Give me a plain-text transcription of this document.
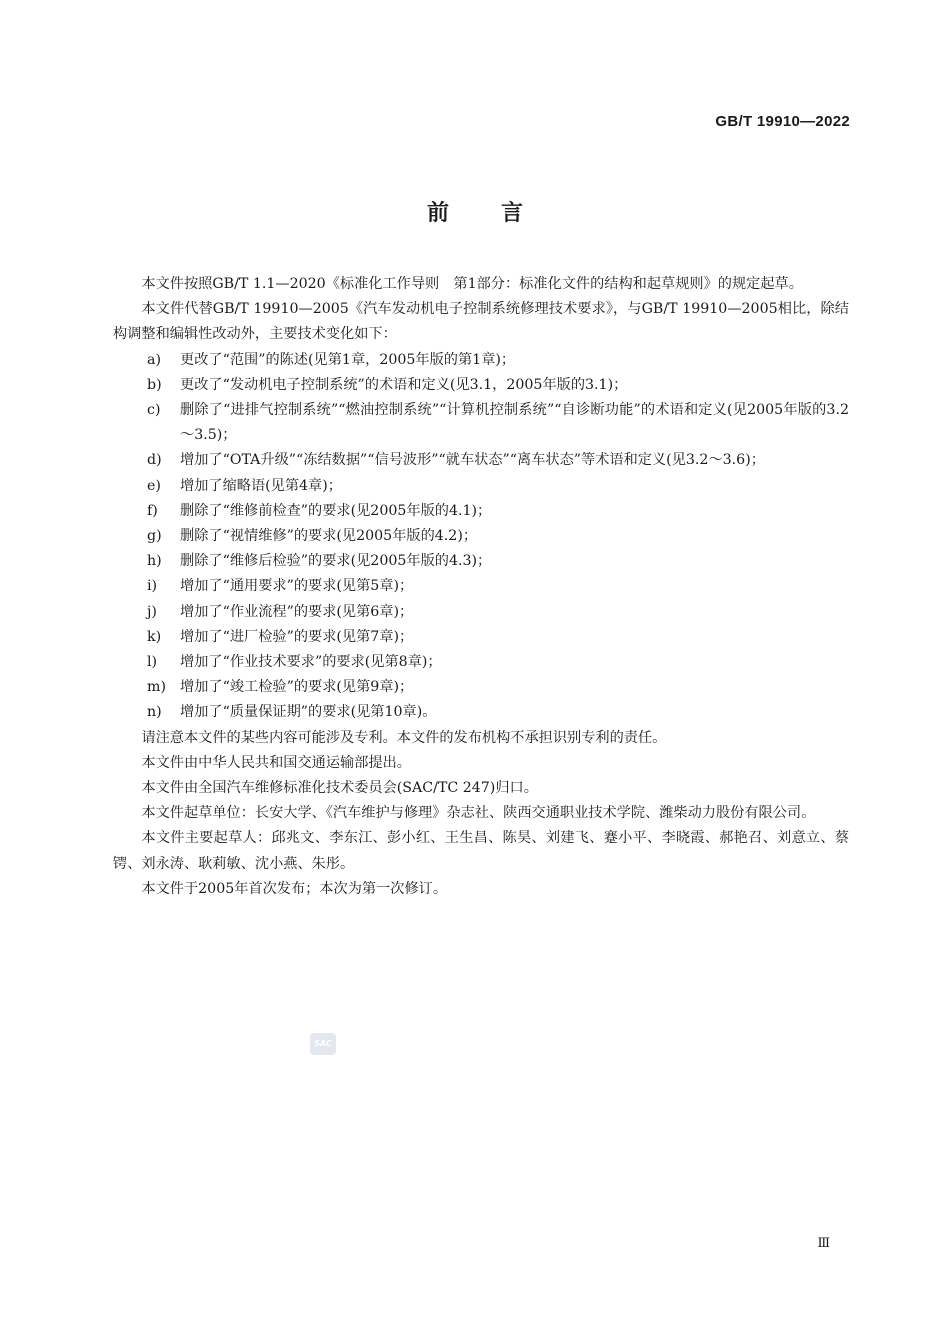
GB/T 19910—2022
前言

本文件按照GB/T 1.1—2020《标准化工作导则　第1部分：标准化文件的结构和起草规则》的规定起草。

本文件代替GB/T 19910—2005《汽车发动机电子控制系统修理技术要求》，与GB/T 19910—2005相比，除结构调整和编辑性改动外，主要技术变化如下：

a) 更改了“范围”的陈述(见第1章，2005年版的第1章)；
b) 更改了“发动机电子控制系统”的术语和定义(见3.1，2005年版的3.1)；
c) 删除了“进排气控制系统”“燃油控制系统”“计算机控制系统”“自诊断功能”的术语和定义(见2005年版的3.2～3.5)；
d) 增加了“OTA升级”“冻结数据”“信号波形”“就车状态”“离车状态”等术语和定义(见3.2～3.6)；
e) 增加了缩略语(见第4章)；
f) 删除了“维修前检查”的要求(见2005年版的4.1)；
g) 删除了“视情维修”的要求(见2005年版的4.2)；
h) 删除了“维修后检验”的要求(见2005年版的4.3)；
i) 增加了“通用要求”的要求(见第5章)；
j) 增加了“作业流程”的要求(见第6章)；
k) 增加了“进厂检验”的要求(见第7章)；
l) 增加了“作业技术要求”的要求(见第8章)；
m) 增加了“竣工检验”的要求(见第9章)；
n) 增加了“质量保证期”的要求(见第10章)。

请注意本文件的某些内容可能涉及专利。本文件的发布机构不承担识别专利的责任。

本文件由中华人民共和国交通运输部提出。

本文件由全国汽车维修标准化技术委员会(SAC/TC 247)归口。

本文件起草单位：长安大学、《汽车维护与修理》杂志社、陕西交通职业技术学院、潍柴动力股份有限公司。

本文件主要起草人：邱兆文、李东江、彭小红、王生昌、陈昊、刘建飞、蹇小平、李晓霞、郝艳召、刘意立、蔡锷、刘永涛、耿莉敏、沈小燕、朱彤。

本文件于2005年首次发布；本次为第一次修订。

SAC
Ⅲ
